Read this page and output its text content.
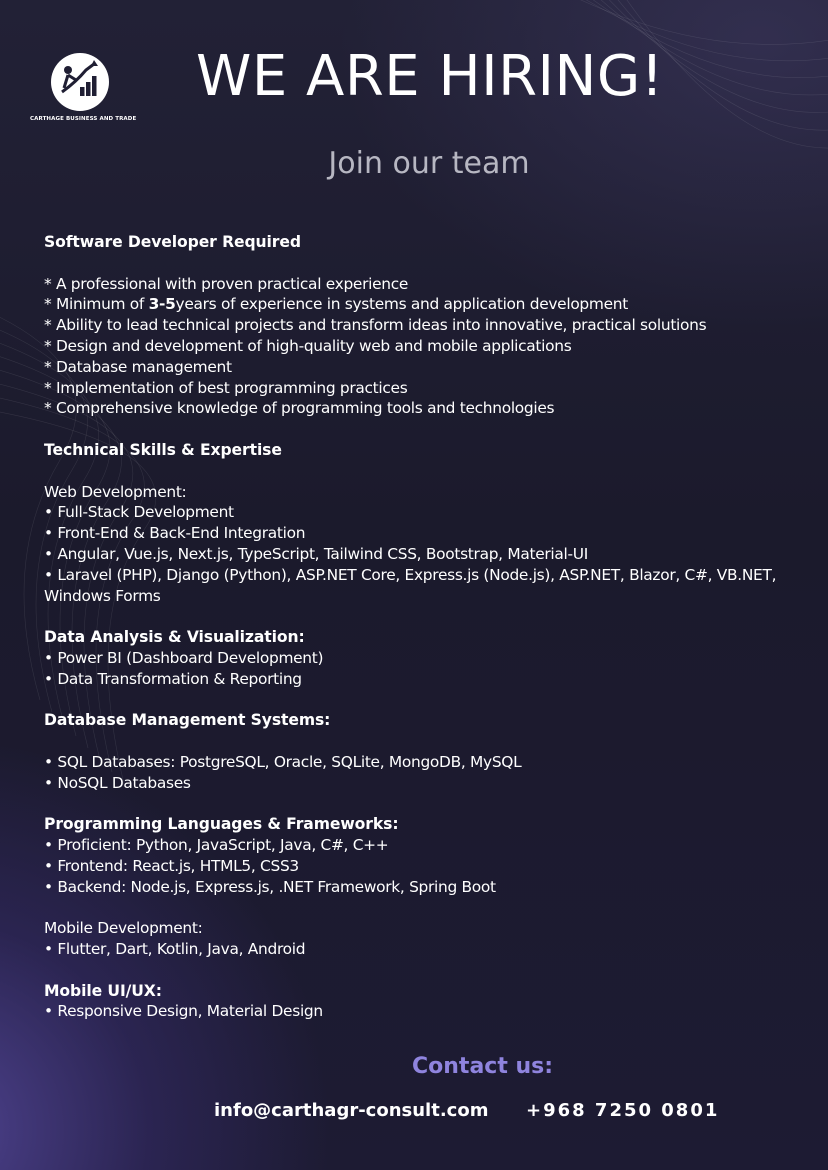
CARTHAGE BUSINESS AND TRADE
WE ARE HIRING!
Join our team
Software Developer Required
* A professional with proven practical experience
* Minimum of 3-5years of experience in systems and application development
* Ability to lead technical projects and transform ideas into innovative, practical solutions
* Design and development of high-quality web and mobile applications
* Database management
* Implementation of best programming practices
* Comprehensive knowledge of programming tools and technologies
Technical Skills & Expertise
Web Development:
• Full-Stack Development
• Front-End & Back-End Integration
• Angular, Vue.js, Next.js, TypeScript, Tailwind CSS, Bootstrap, Material-UI
• Laravel (PHP), Django (Python), ASP.NET Core, Express.js (Node.js), ASP.NET, Blazor, C#, VB.NET, Windows Forms
Data Analysis & Visualization:
• Power BI (Dashboard Development)
• Data Transformation & Reporting
Database Management Systems:
• SQL Databases: PostgreSQL, Oracle, SQLite, MongoDB, MySQL
• NoSQL Databases
Programming Languages & Frameworks:
• Proficient: Python, JavaScript, Java, C#, C++
• Frontend: React.js, HTML5, CSS3
• Backend: Node.js, Express.js, .NET Framework, Spring Boot
Mobile Development:
• Flutter, Dart, Kotlin, Java, Android
Mobile UI/UX:
• Responsive Design, Material Design
Contact us:
info@carthagr-consult.com +968 7250 0801
